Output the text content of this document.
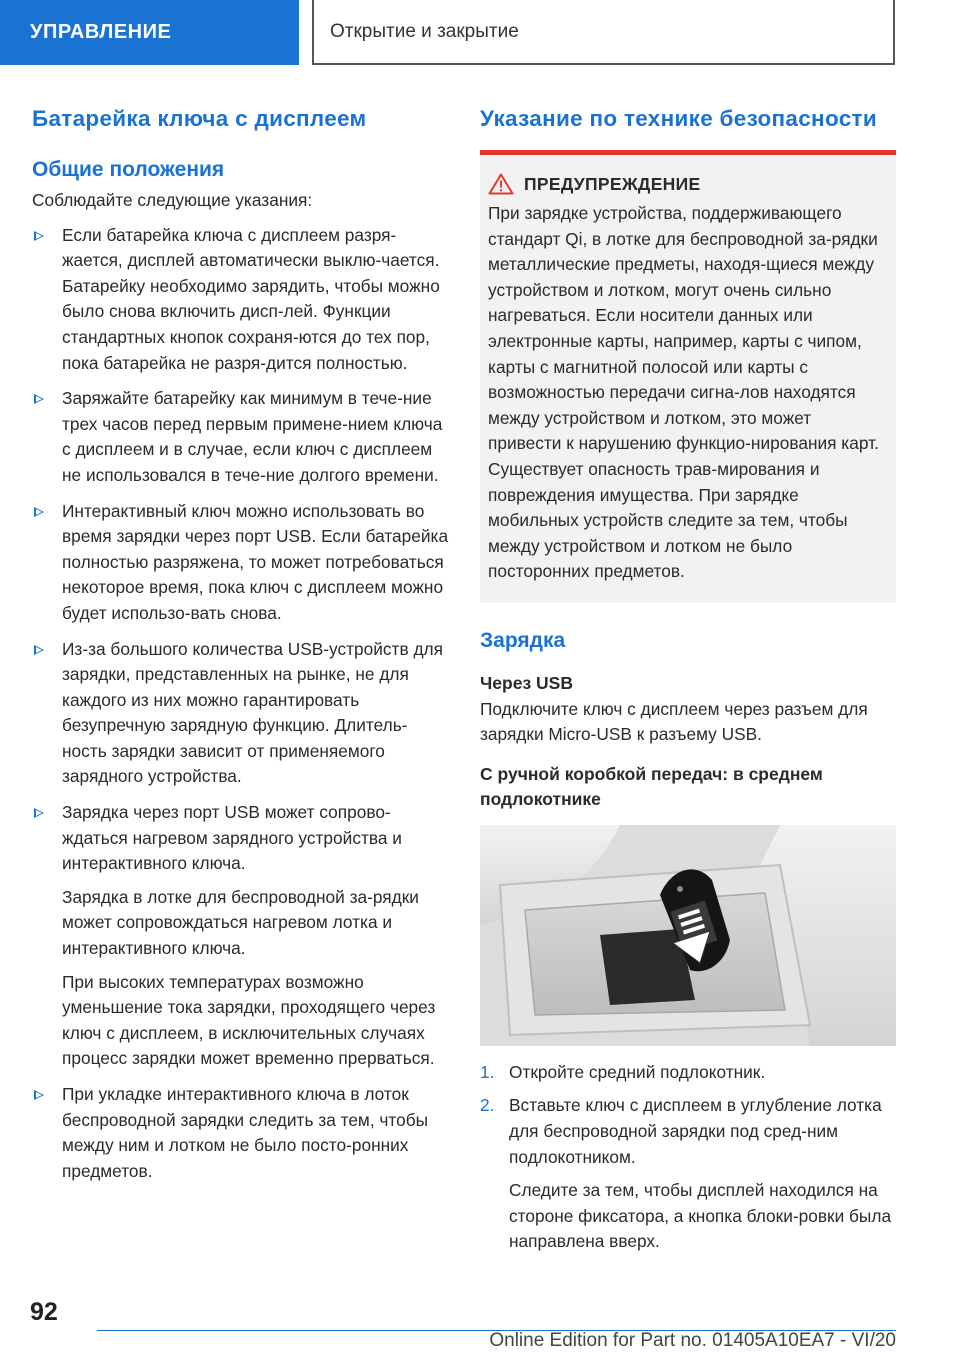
УПРАВЛЕНИЕ	Открытие и закрытие
Батарейка ключа с дисплеем
Общие положения

Соблюдайте следующие указания:

Если батарейка ключа с дисплеем разря-жается, дисплей автоматически выклю-чается. Батарейку необходимо зарядить, чтобы можно было снова включить дисп-лей. Функции стандартных кнопок сохраня-ются до тех пор, пока батарейка не разря-дится полностью.

Заряжайте батарейку как минимум в тече-ние трех часов перед первым примене-нием ключа с дисплеем и в случае, если ключ с дисплеем не использовался в тече-ние долгого времени.

Интерактивный ключ можно использовать во время зарядки через порт USB. Если батарейка полностью разряжена, то может потребоваться некоторое время, пока ключ с дисплеем можно будет использо-вать снова.

Из-за большого количества USB-устройств для зарядки, представленных на рынке, не для каждого из них можно гарантировать безупречную зарядную функцию. Длитель-ность зарядки зависит от применяемого зарядного устройства.

Зарядка через порт USB может сопрово-ждаться нагревом зарядного устройства и интерактивного ключа.

Зарядка в лотке для беспроводной за-рядки может сопровождаться нагревом лотка и интерактивного ключа.

При высоких температурах возможно уменьшение тока зарядки, проходящего через ключ с дисплеем, в исключительных случаях процесс зарядки может временно прерваться.

При укладке интерактивного ключа в лоток беспроводной зарядки следить за тем, чтобы между ним и лотком не было посто-ронних предметов.

Указание по технике безопасности
ПРЕДУПРЕЖДЕНИЕ

При зарядке устройства, поддерживающего стандарт Qi, в лотке для беспроводной за-рядки металлические предметы, находя-щиеся между устройством и лотком, могут очень сильно нагреваться. Если носители данных или электронные карты, например, карты с чипом, карты с магнитной полосой или карты с возможностью передачи сигна-лов находятся между устройством и лотком, это может привести к нарушению функцио-нирования карт. Существует опасность трав-мирования и повреждения имущества. При зарядке мобильных устройств следите за тем, чтобы между устройством и лотком не было посторонних предметов.

Зарядка
Через USB

Подключите ключ с дисплеем через разъем для зарядки Micro-USB к разъему USB.

С ручной коробкой передач: в среднем подлокотнике
1. Откройте средний подлокотник.

2. Вставьте ключ с дисплеем в углубление лотка для беспроводной зарядки под сред-ним подлокотником.

Следите за тем, чтобы дисплей находился на стороне фиксатора, а кнопка блоки-ровки была направлена вверх.

92
Online Edition for Part no. 01405A10EA7 - VI/20
